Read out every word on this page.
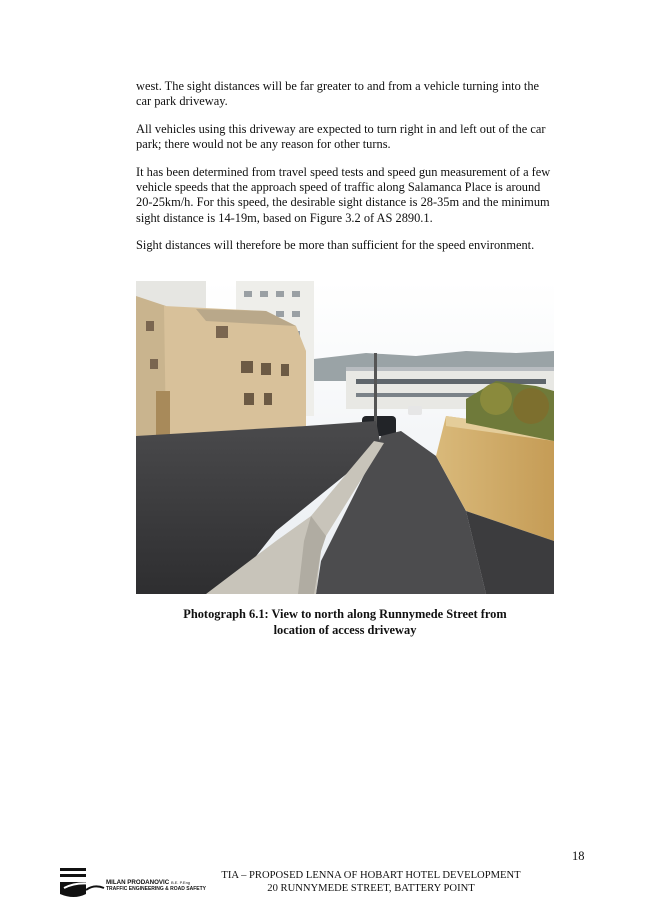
west. The sight distances will be far greater to and from a vehicle turning into the car park driveway.

All vehicles using this driveway are expected to turn right in and left out of the car park; there would not be any reason for other turns.

It has been determined from travel speed tests and speed gun measurement of a few vehicle speeds that the approach speed of traffic along Salamanca Place is around 20-25km/h. For this speed, the desirable sight distance is 28-35m and the minimum sight distance is 14-19m, based on Figure 3.2 of AS 2890.1.

Sight distances will therefore be more than sufficient for the speed environment.

Photograph 6.1: View to north along Runnymede Street from
location of access driveway
18
MILAN PRODANOVIC B.E. P.Eng
TRAFFIC ENGINEERING & ROAD SAFETY
TIA – PROPOSED LENNA OF HOBART HOTEL DEVELOPMENT
20 RUNNYMEDE STREET, BATTERY POINT
